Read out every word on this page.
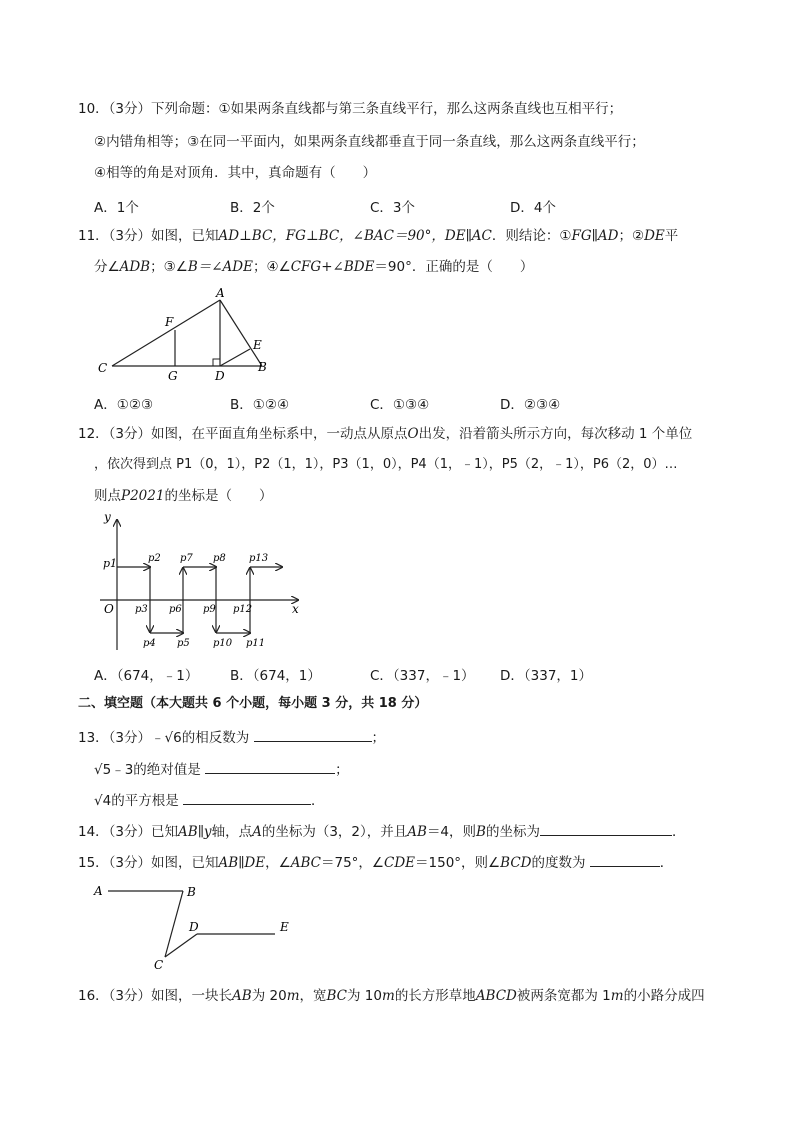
10．（3分）下列命题：①如果两条直线都与第三条直线平行，那么这两条直线也互相平行；
②内错角相等；③在同一平面内，如果两条直线都垂直于同一条直线，那么这两条直线平行；
④相等的角是对顶角．其中，真命题有（　　）
A．1个	B．2个	C．3个	D．4个
11．（3分）如图，已知AD⊥BC，FG⊥BC，∠BAC＝90°，DE∥AC．则结论：①FG∥AD；②DE平
分∠ADB；③∠B＝∠ADE；④∠CFG+∠BDE＝90°．正确的是（　　）
A
F
E
C
G	D
B
A．①②③	B．①②④	C．①③④	D．②③④
12．（3分）如图，在平面直角坐标系中，一动点从原点O出发，沿着箭头所示方向，每次移动 1 个单位
，依次得到点 P1（0，1），P2（1，1），P3（1，0），P4（1，﹣1），P5（2，﹣1），P6（2，0）…
则点P2021的坐标是（　　）
y
x
O
p1	p2
p3
p4 p5
p6
p7 p8
p9
p10 p11
p12
p13
A．（674，﹣1） B．（674，1）	C．（337，﹣1） D．（337，1）
二、填空题（本大题共 6 个小题，每小题 3 分，共 18 分）
13．（3分）﹣√6的相反数为	；
√5﹣3的绝对值是	；
√4的平方根是	．
14．（3分）已知AB∥y轴，点A的坐标为（3，2），并且AB＝4，则B的坐标为	．
15．（3分）如图，已知AB∥DE，∠ABC＝75°，∠CDE＝150°，则∠BCD的度数为	．
A	B
D	E
C
16．（3分）如图，一块长AB为 20m，宽BC为 10m的长方形草地ABCD被两条宽都为 1m的小路分成四
